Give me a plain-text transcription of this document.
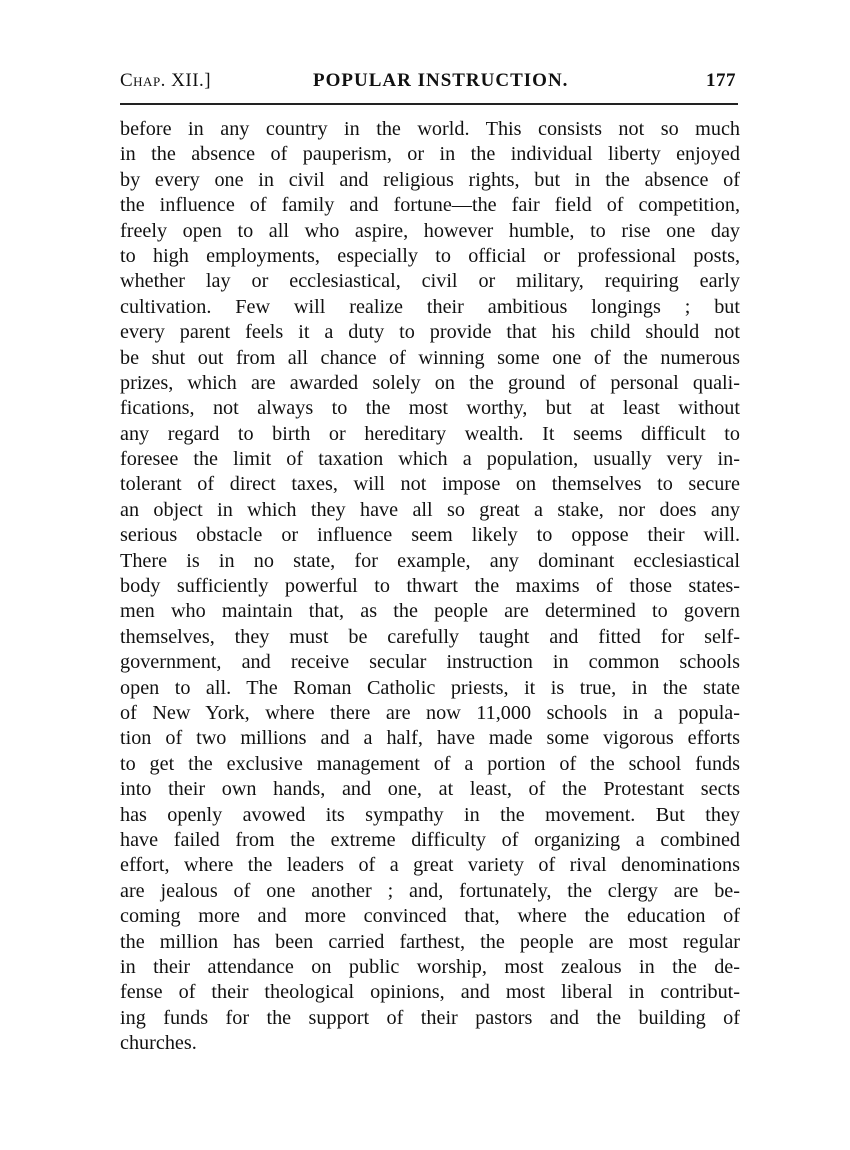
Chap. XII.]	POPULAR INSTRUCTION.	177
before in any country in the world. This consists not so much
in the absence of pauperism, or in the individual liberty enjoyed
by every one in civil and religious rights, but in the absence of
the influence of family and fortune—the fair field of competition,
freely open to all who aspire, however humble, to rise one day
to high employments, especially to official or professional posts,
whether lay or ecclesiastical, civil or military, requiring early
cultivation. Few will realize their ambitious longings ; but
every parent feels it a duty to provide that his child should not
be shut out from all chance of winning some one of the numerous
prizes, which are awarded solely on the ground of personal quali-
fications, not always to the most worthy, but at least without
any regard to birth or hereditary wealth. It seems difficult to
foresee the limit of taxation which a population, usually very in-
tolerant of direct taxes, will not impose on themselves to secure
an object in which they have all so great a stake, nor does any
serious obstacle or influence seem likely to oppose their will.
There is in no state, for example, any dominant ecclesiastical
body sufficiently powerful to thwart the maxims of those states-
men who maintain that, as the people are determined to govern
themselves, they must be carefully taught and fitted for self-
government, and receive secular instruction in common schools
open to all. The Roman Catholic priests, it is true, in the state
of New York, where there are now 11,000 schools in a popula-
tion of two millions and a half, have made some vigorous efforts
to get the exclusive management of a portion of the school funds
into their own hands, and one, at least, of the Protestant sects
has openly avowed its sympathy in the movement. But they
have failed from the extreme difficulty of organizing a combined
effort, where the leaders of a great variety of rival denominations
are jealous of one another ; and, fortunately, the clergy are be-
coming more and more convinced that, where the education of
the million has been carried farthest, the people are most regular
in their attendance on public worship, most zealous in the de-
fense of their theological opinions, and most liberal in contribut-
ing funds for the support of their pastors and the building of
churches.
